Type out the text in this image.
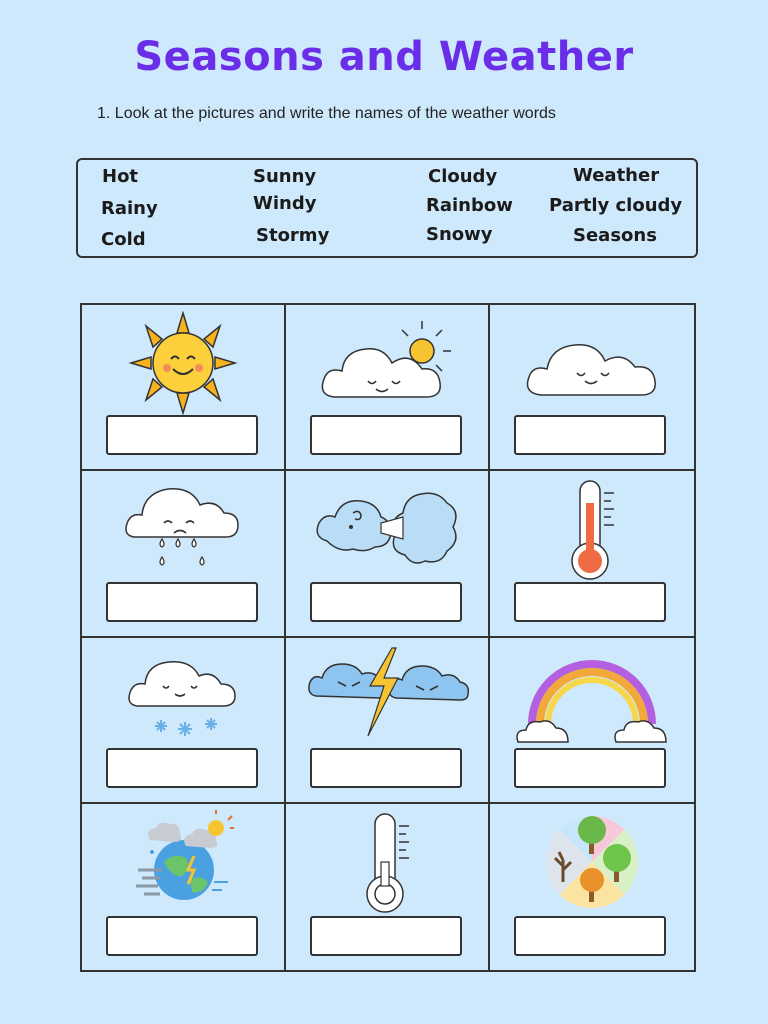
Seasons and Weather
1. Look at the pictures and write the names of the weather words
Hot
Rainy
Cold
Sunny
Windy
Stormy
Cloudy
Rainbow
Snowy
Weather
Partly cloudy
Seasons
